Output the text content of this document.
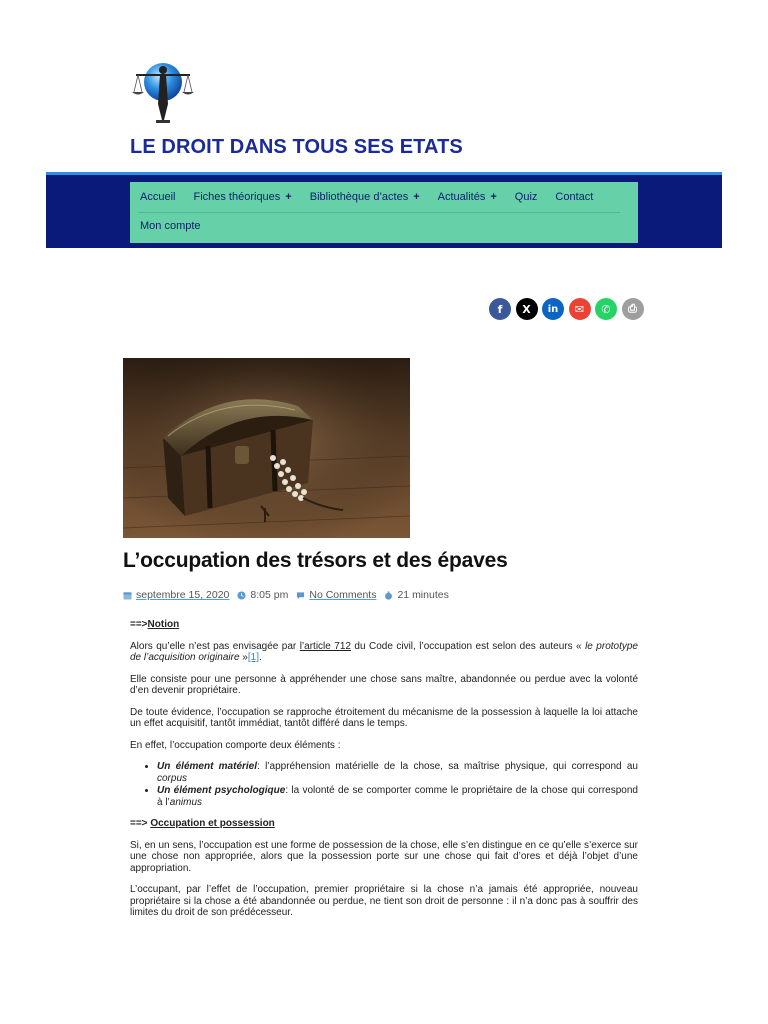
LE DROIT DANS TOUS SES ETATS
Accueil	Fiches théoriques +	Bibliothèque d’actes +	Actualités +	Quiz	Contact
Mon compte
f	X	in	✉	✆	⎙
L’occupation des trésors et des épaves
septembre 15, 2020 8:05 pm No Comments 21 minutes

==>Notion

Alors qu’elle n’est pas envisagée par l’article 712 du Code civil, l’occupation est selon des auteurs « le prototype de l’acquisition originaire »[1].

Elle consiste pour une personne à appréhender une chose sans maître, abandonnée ou perdue avec la volonté d’en devenir propriétaire.

De toute évidence, l’occupation se rapproche étroitement du mécanisme de la possession à laquelle la loi attache un effet acquisitif, tantôt immédiat, tantôt différé dans le temps.

En effet, l’occupation comporte deux éléments :

• Un élément matériel: l’appréhension matérielle de la chose, sa maîtrise physique, qui correspond au corpus
• Un élément psychologique: la volonté de se comporter comme le propriétaire de la chose qui correspond à l’animus

==> Occupation et possession

Si, en un sens, l’occupation est une forme de possession de la chose, elle s’en distingue en ce qu’elle s’exerce sur une chose non appropriée, alors que la possession porte sur une chose qui fait d’ores et déjà l’objet d’une appropriation.

L’occupant, par l’effet de l’occupation, premier propriétaire si la chose n’a jamais été appropriée, nouveau propriétaire si la chose a été abandonnée ou perdue, ne tient son droit de personne : il n’a donc pas à souffrir des limites du droit de son prédécesseur.
